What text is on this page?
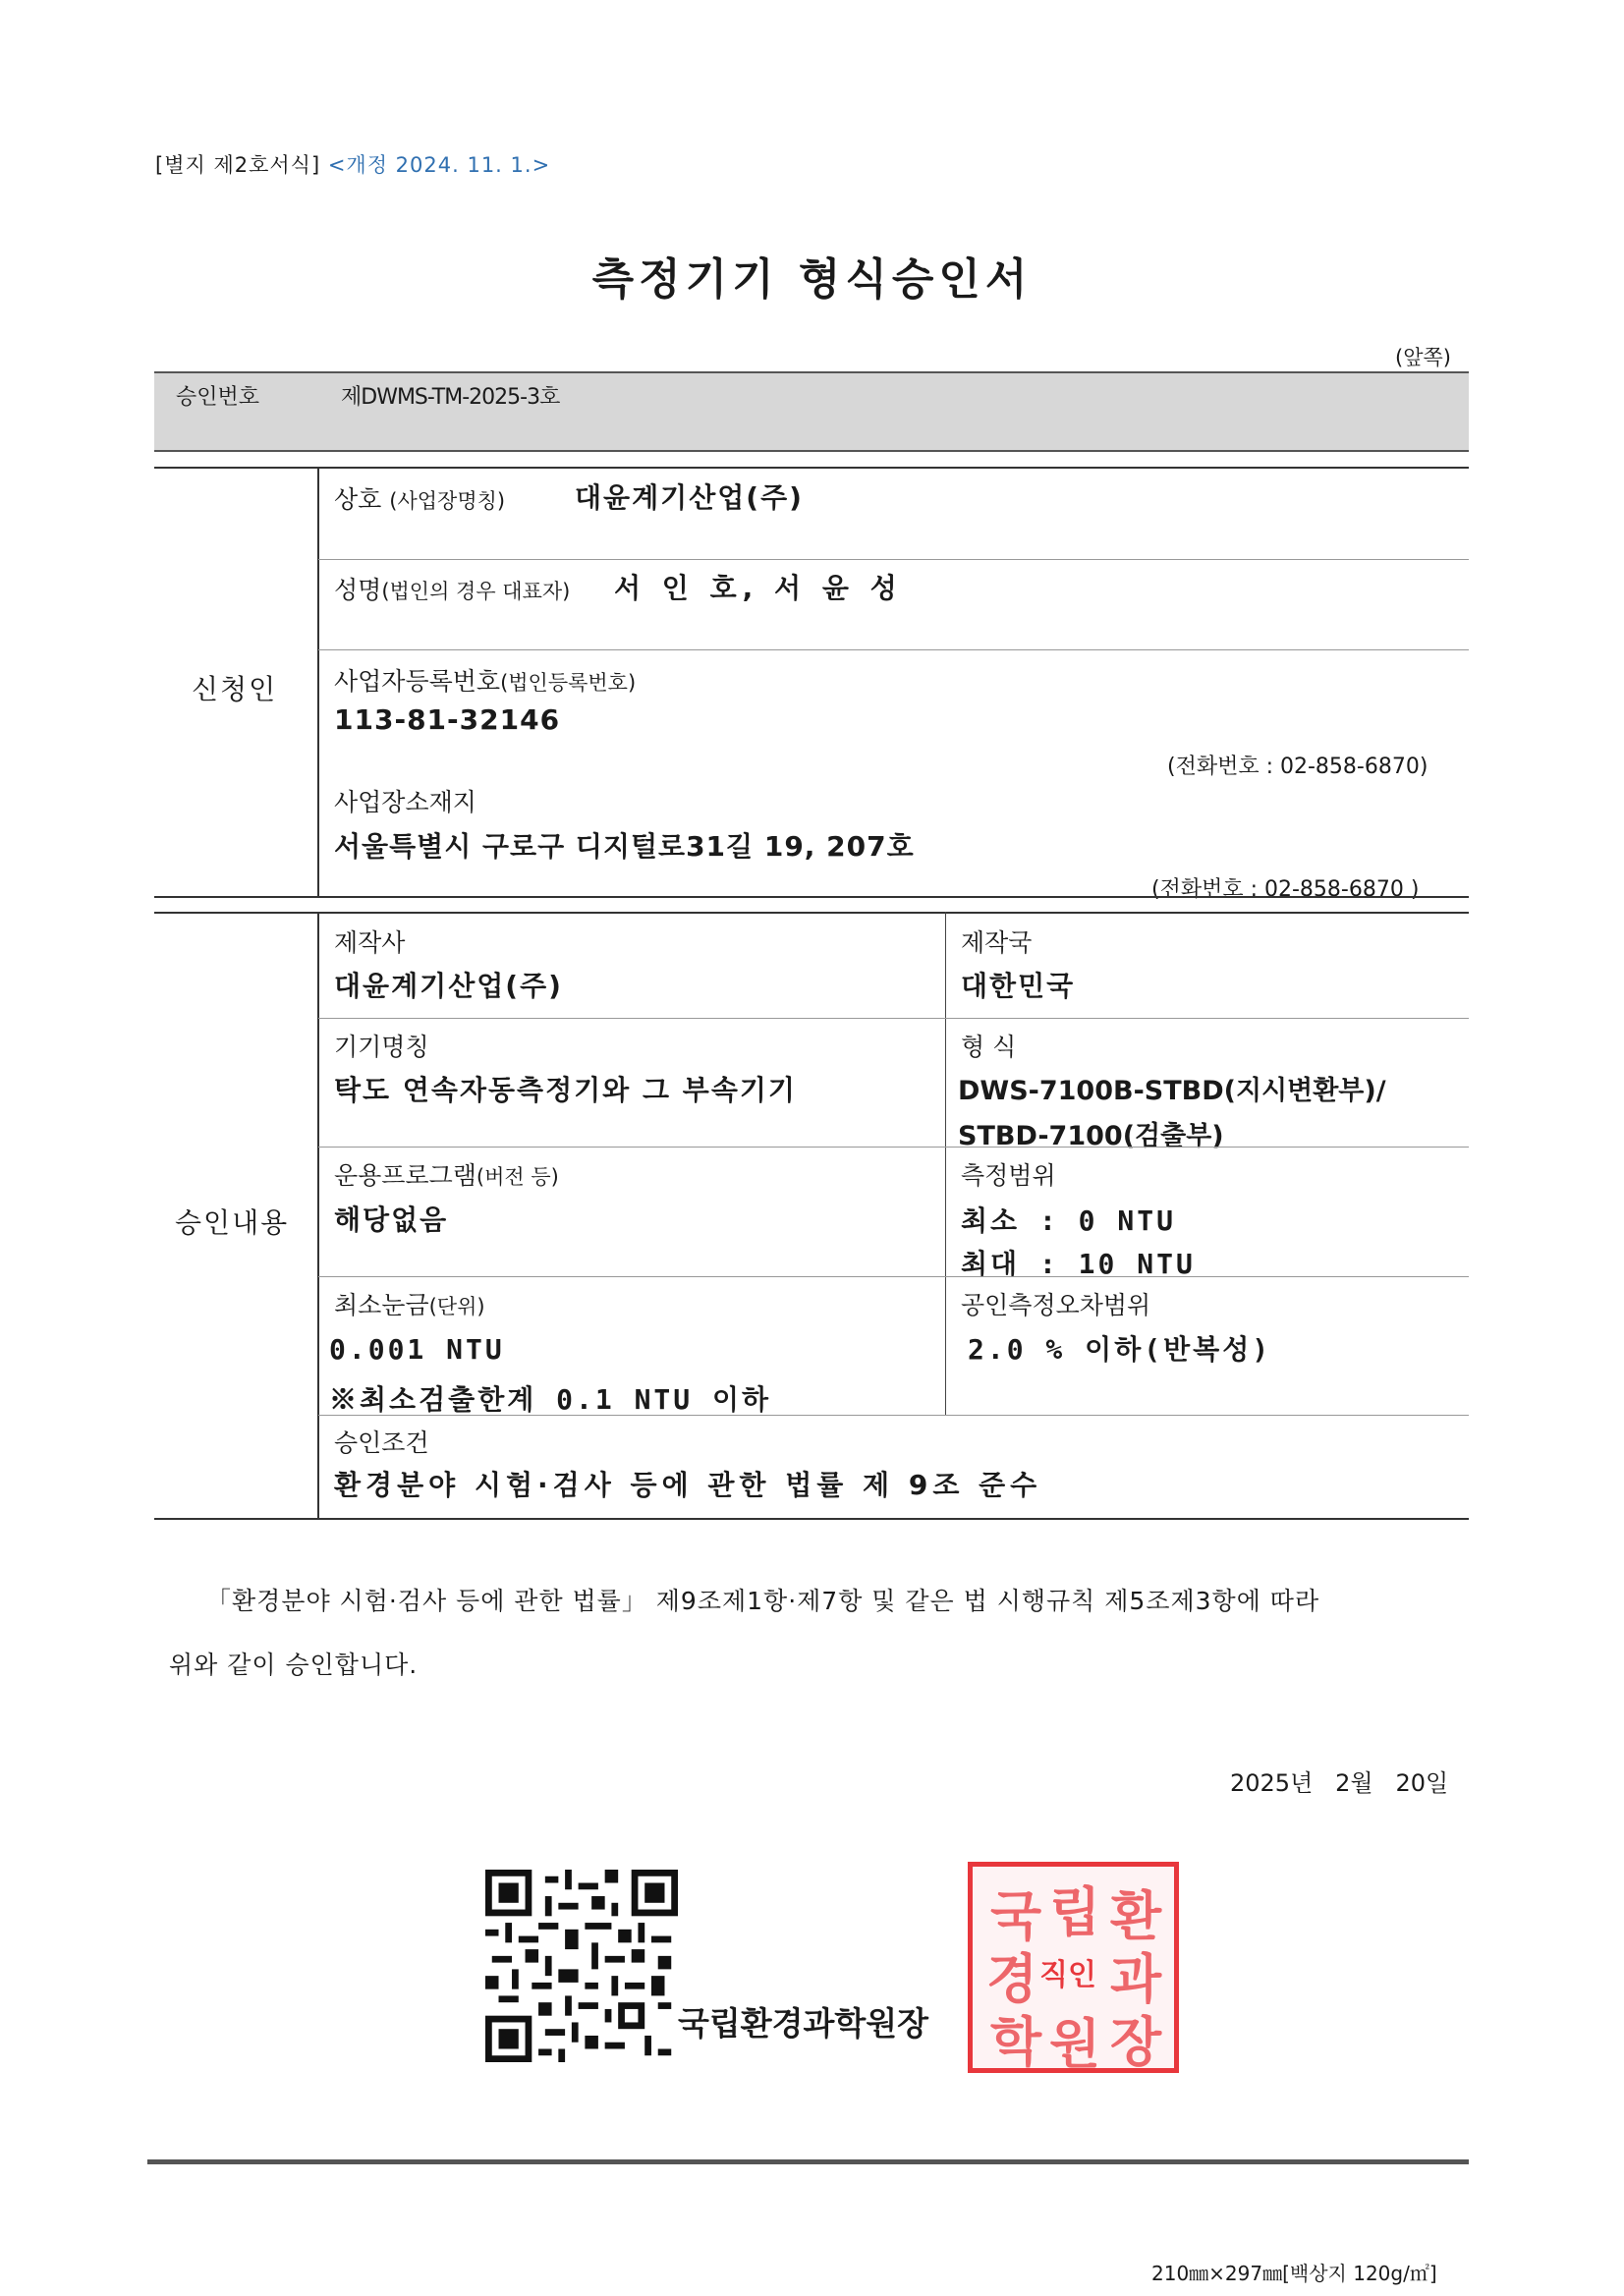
[별지 제2호서식] <개정 2024. 11. 1.>
측정기기 형식승인서
(앞쪽)
승인번호	제DWMS-TM-2025-3호
신청인
상호 (사업장명칭)	대윤계기산업(주)
성명(법인의 경우 대표자) 서 인 호, 서 윤 성
사업자등록번호(법인등록번호)
113-81-32146
(전화번호 : 02-858-6870)
사업장소재지
서울특별시 구로구 디지털로31길 19, 207호
(전화번호 : 02-858-6870 )
승인내용
제작사
대윤계기산업(주)
제작국
대한민국
기기명칭
탁도 연속자동측정기와 그 부속기기
형 식
DWS-7100B-STBD(지시변환부)/
STBD-7100(검출부)
운용프로그램(버전 등)
해당없음
측정범위
최소 : 0 NTU
최대 : 10 NTU
최소눈금(단위)
0.001 NTU
※최소검출한계 0.1 NTU 이하
공인측정오차범위
2.0 % 이하(반복성)
승인조건
환경분야 시험·검사 등에 관한 법률 제 9조 준수
「환경분야 시험·검사 등에 관한 법률」 제9조제1항·제7항 및 같은 법 시행규칙 제5조제3항에 따라
위와 같이 승인합니다.
2025년   2월   20일
국립환경과학원장
국 립 환
경 과
학 원 장
직인
210㎜×297㎜[백상지 120g/㎡]
